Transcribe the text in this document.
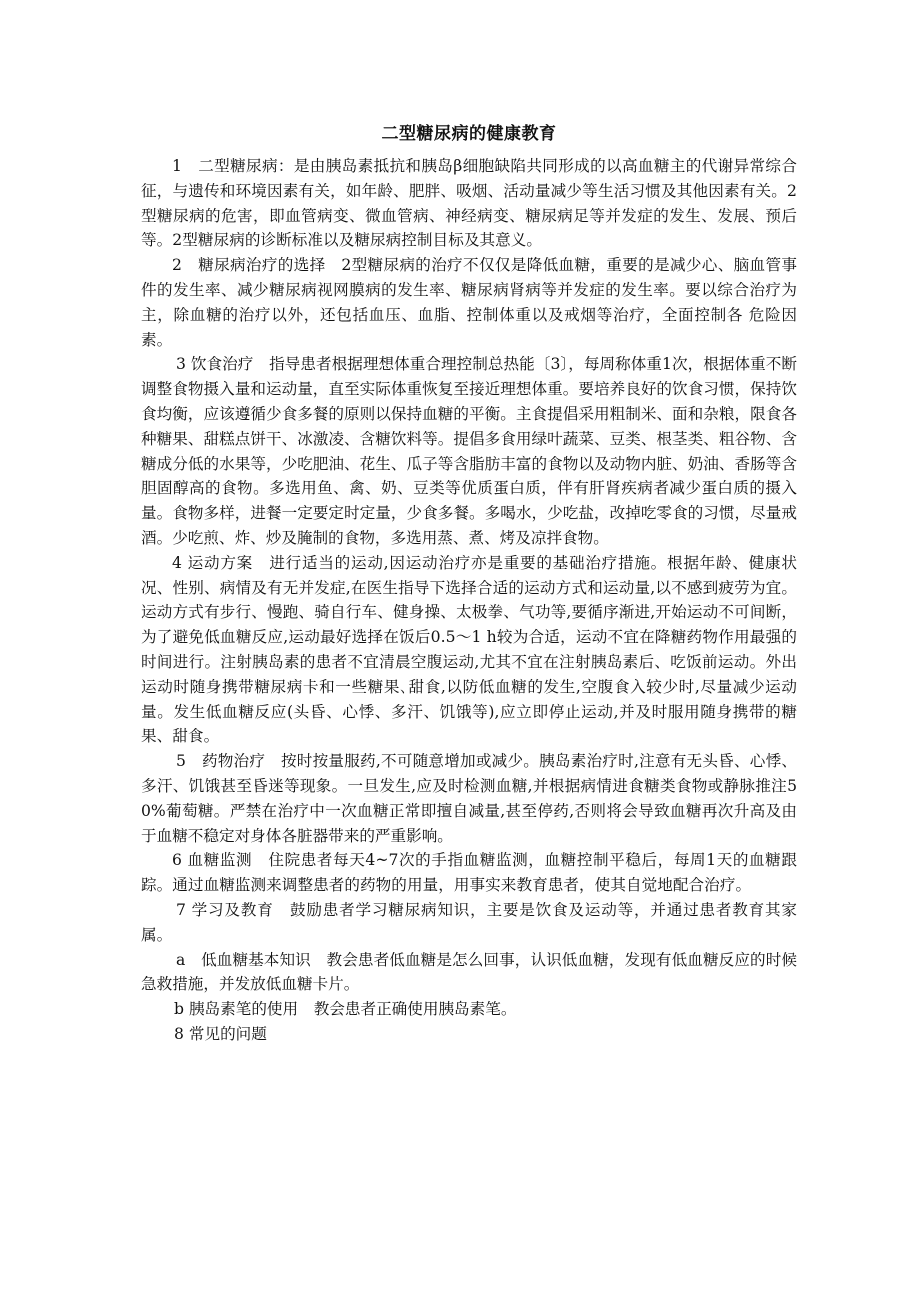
二型糖尿病的健康教育

1　二型糖尿病：是由胰岛素抵抗和胰岛β细胞缺陷共同形成的以高血糖主的代谢异常综合征，与遗传和环境因素有关，如年龄、肥胖、吸烟、活动量减少等生活习惯及其他因素有关。2型糖尿病的危害，即血管病变、微血管病、神经病变、糖尿病足等并发症的发生、发展、预后等。2型糖尿病的诊断标准以及糖尿病控制目标及其意义。

2　糖尿病治疗的选择　2型糖尿病的治疗不仅仅是降低血糖，重要的是减少心、脑血管事件的发生率、减少糖尿病视网膜病的发生率、糖尿病肾病等并发症的发生率。要以综合治疗为主，除血糖的治疗以外，还包括血压、血脂、控制体重以及戒烟等治疗，全面控制各 危险因素。

3 饮食治疗　指导患者根据理想体重合理控制总热能〔3〕，每周称体重1次，根据体重不断调整食物摄入量和运动量，直至实际体重恢复至接近理想体重。要培养良好的饮食习惯，保持饮食均衡，应该遵循少食多餐的原则以保持血糖的平衡。主食提倡采用粗制米、面和杂粮，限食各种糖果、甜糕点饼干、冰激凌、含糖饮料等。提倡多食用绿叶蔬菜、豆类、根茎类、粗谷物、含糖成分低的水果等，少吃肥油、花生、瓜子等含脂肪丰富的食物以及动物内脏、奶油、香肠等含胆固醇高的食物。多选用鱼、禽、奶、豆类等优质蛋白质，伴有肝肾疾病者减少蛋白质的摄入量。食物多样，进餐一定要定时定量，少食多餐。多喝水，少吃盐，改掉吃零食的习惯，尽量戒酒。少吃煎、炸、炒及腌制的食物，多选用蒸、煮、烤及凉拌食物。

4 运动方案　进行适当的运动,因运动治疗亦是重要的基础治疗措施。根据年龄、健康状况、性别、病情及有无并发症,在医生指导下选择合适的运动方式和运动量,以不感到疲劳为宜。运动方式有步行、慢跑、骑自行车、健身操、太极拳、气功等,要循序渐进,开始运动不可间断，为了避免低血糖反应,运动最好选择在饭后0.5～1 h较为合适，运动不宜在降糖药物作用最强的时间进行。注射胰岛素的患者不宜清晨空腹运动,尤其不宜在注射胰岛素后、吃饭前运动。外出运动时随身携带糖尿病卡和一些糖果､甜食,以防低血糖的发生,空腹食入较少时,尽量减少运动量。发生低血糖反应(头昏、心悸、多汗、饥饿等),应立即停止运动,并及时服用随身携带的糖果、甜食。

5　药物治疗　按时按量服药,不可随意增加或减少。胰岛素治疗时,注意有无头昏、心悸、多汗、饥饿甚至昏迷等现象。一旦发生,应及时检测血糖,并根据病情进食糖类食物或静脉推注50%葡萄糖。严禁在治疗中一次血糖正常即擅自减量,甚至停药,否则将会导致血糖再次升高及由于血糖不稳定对身体各脏器带来的严重影响。

6 血糖监测　住院患者每天4~7次的手指血糖监测，血糖控制平稳后，每周1天的血糖跟踪。通过血糖监测来调整患者的药物的用量，用事实来教育患者，使其自觉地配合治疗。

7 学习及教育　鼓励患者学习糖尿病知识，主要是饮食及运动等，并通过患者教育其家属。

a　低血糖基本知识　教会患者低血糖是怎么回事，认识低血糖，发现有低血糖反应的时候急救措施，并发放低血糖卡片。

b 胰岛素笔的使用　教会患者正确使用胰岛素笔。

8 常见的问题
